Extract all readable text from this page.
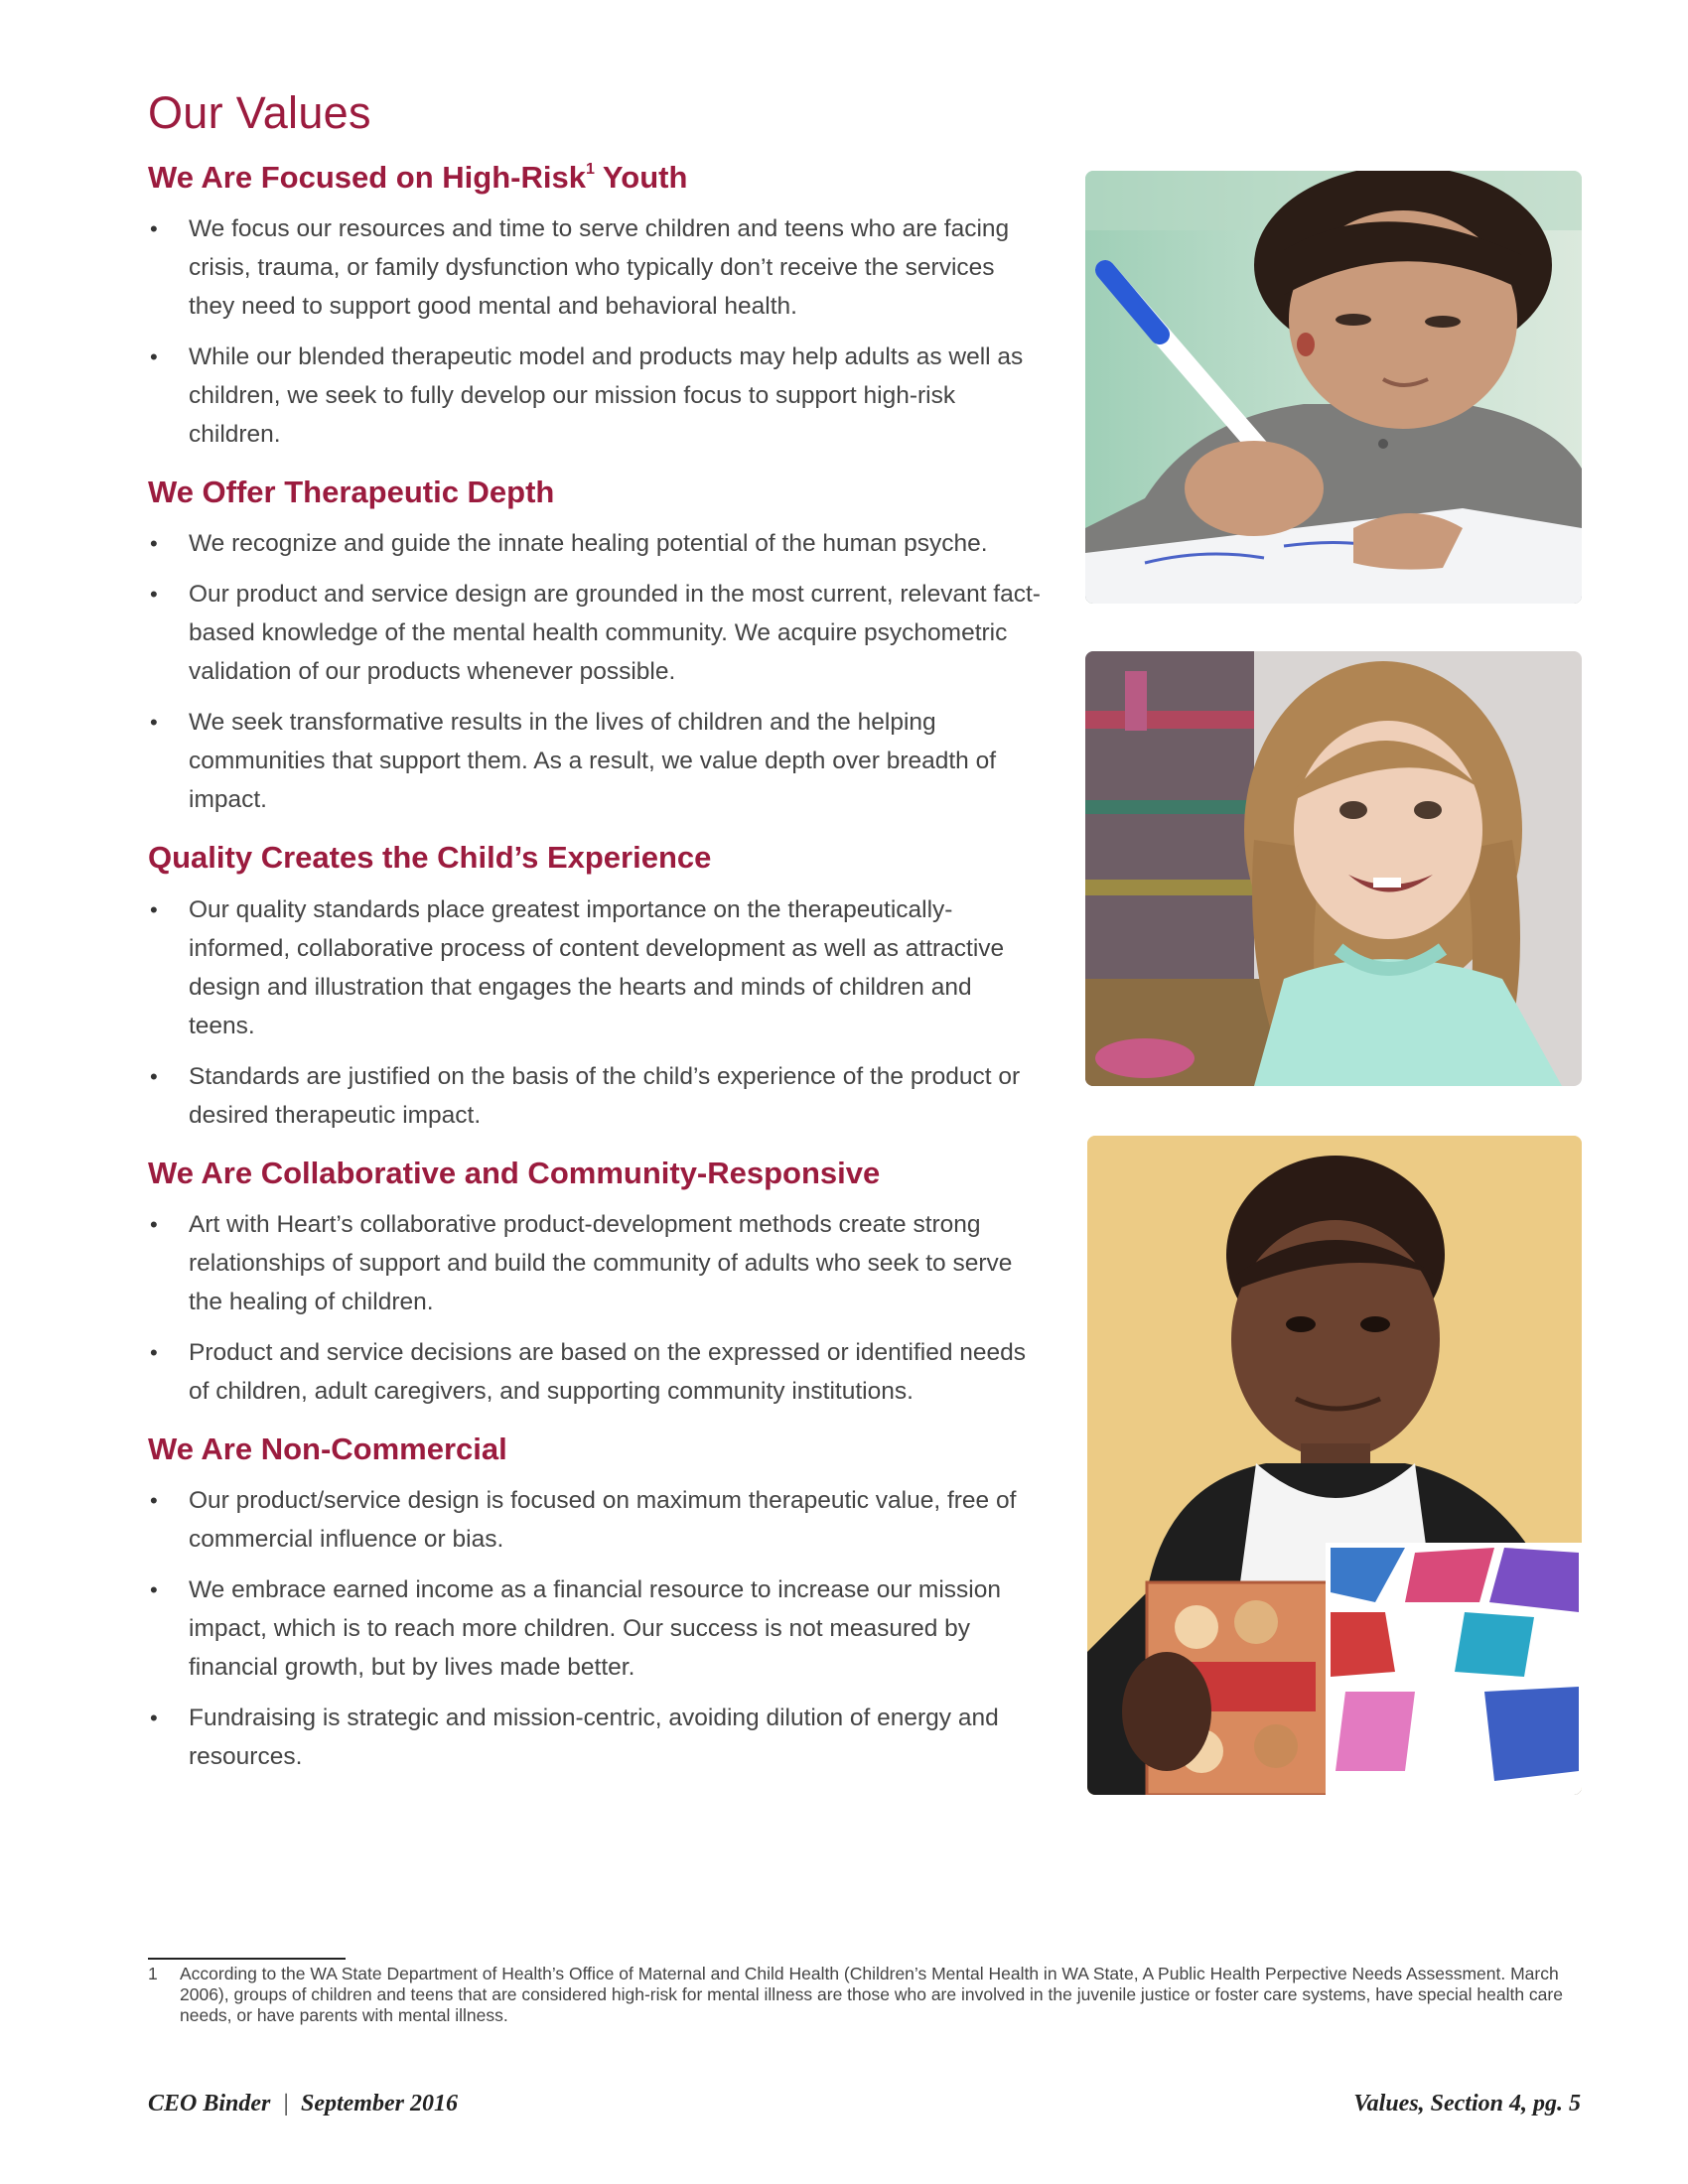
Our Values
We Are Focused on High-Risk$^1$ Youth
• We focus our resources and time to serve children and teens who are facing crisis, trauma, or family dysfunction who typically don’t receive the services they need to support good mental and behavioral health.
• While our blended therapeutic model and products may help adults as well as children, we seek to fully develop our mission focus to support high-risk children.
We Offer Therapeutic Depth
• We recognize and guide the innate healing potential of the human psyche.
• Our product and service design are grounded in the most current, relevant fact-based knowledge of the mental health community. We acquire psychometric validation of our products whenever possible.
• We seek transformative results in the lives of children and the helping communities that support them. As a result, we value depth over breadth of impact.
Quality Creates the Child’s Experience
• Our quality standards place greatest importance on the therapeutically-informed, collaborative process of content development as well as attractive design and illustration that engages the hearts and minds of children and teens.
• Standards are justified on the basis of the child’s experience of the product or desired therapeutic impact.
We Are Collaborative and Community-Responsive
• Art with Heart’s collaborative product-development methods create strong relationships of support and build the community of adults who seek to serve the healing of children.
• Product and service decisions are based on the expressed or identified needs of children, adult caregivers, and supporting community institutions.
We Are Non-Commercial
• Our product/service design is focused on maximum therapeutic value, free of commercial influence or bias.
• We embrace earned income as a financial resource to increase our mission impact, which is to reach more children. Our success is not measured by financial growth, but by lives made better.
• Fundraising is strategic and mission-centric, avoiding dilution of energy and resources.
1	According to the WA State Department of Health’s Office of Maternal and Child Health (Children’s Mental Health in WA State, A Public Health Perpective Needs Assessment. March 2006), groups of children and teens that are considered high-risk for mental illness are those who are involved in the juvenile justice or foster care systems, have special health care needs, or have parents with mental illness.
CEO Binder | September 2016	Values, Section 4, pg. 5
